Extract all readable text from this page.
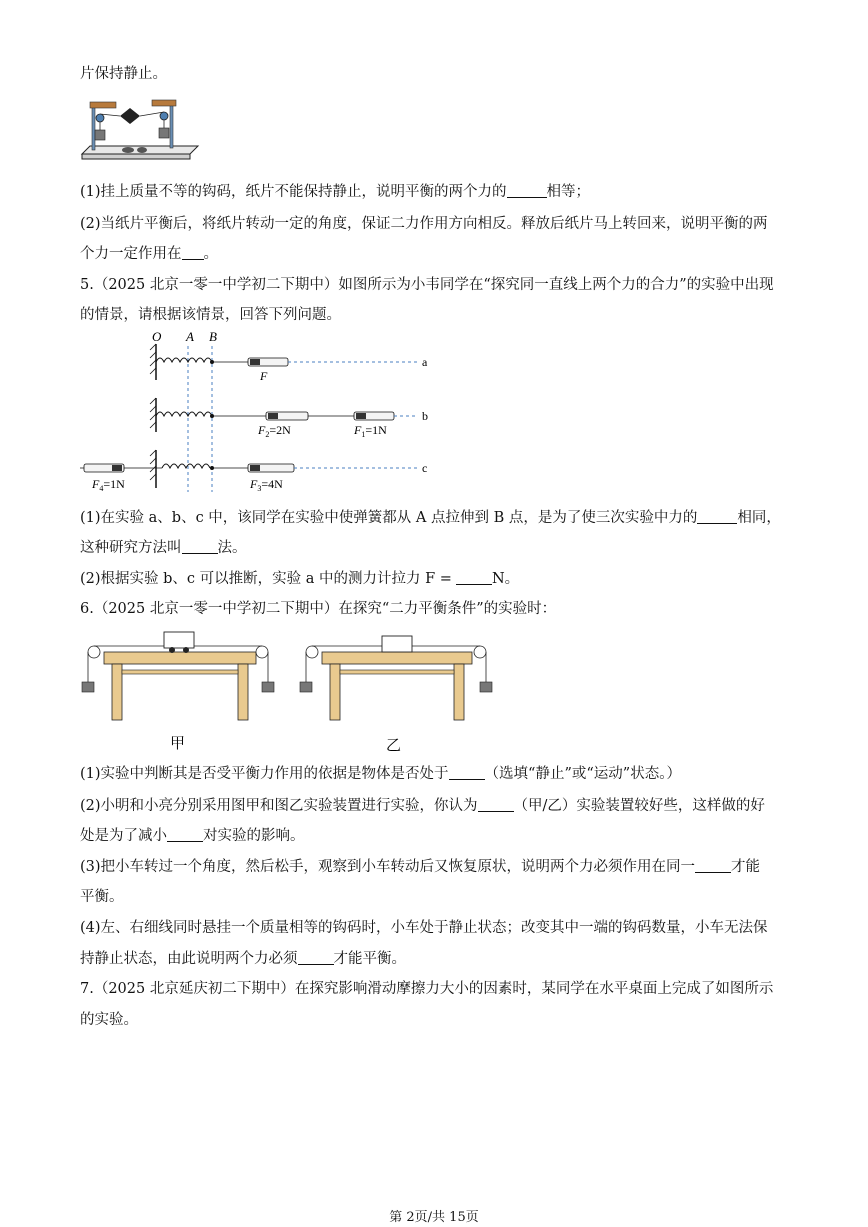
片保持静止。
(1)挂上质量不等的钩码，纸片不能保持静止，说明平衡的两个力的	相等；
(2)当纸片平衡后，将纸片转动一定的角度，保证二力作用方向相反。释放后纸片马上转回来，说明平衡的两
个力一定作用在 。
5.（2025 北京一零一中学初二下期中）如图所示为小韦同学在“探究同一直线上两个力的合力”的实验中出现
的情景，请根据该情景，回答下列问题。
O A B
F
a
b
$F_2=2N$	$F_1=1N$
c
$F_4=1N$	$F_3=4N$
(1)在实验 a、b、c 中，该同学在实验中使弹簧都从 A 点拉伸到 B 点，是为了使三次实验中力的	相同，
这种研究方法叫 法。
(2)根据实验 b、c 可以推断，实验 a 中的测力计拉力 F =	N。
6.（2025 北京一零一中学初二下期中）在探究“二力平衡条件”的实验时：
甲	乙
(1)实验中判断其是否受平衡力作用的依据是物体是否处于 （选填“静止”或“运动”状态。）
(2)小明和小亮分别采用图甲和图乙实验装置进行实验，你认为 （甲/乙）实验装置较好些，这样做的好
处是为了减小 对实验的影响。
(3)把小车转过一个角度，然后松手，观察到小车转动后又恢复原状，说明两个力必须作用在同一 才能
平衡。
(4)左、右细线同时悬挂一个质量相等的钩码时，小车处于静止状态；改变其中一端的钩码数量，小车无法保
持静止状态，由此说明两个力必须 才能平衡。
7.（2025 北京延庆初二下期中）在探究影响滑动摩擦力大小的因素时，某同学在水平桌面上完成了如图所示
的实验。
第 2页/共 15页
